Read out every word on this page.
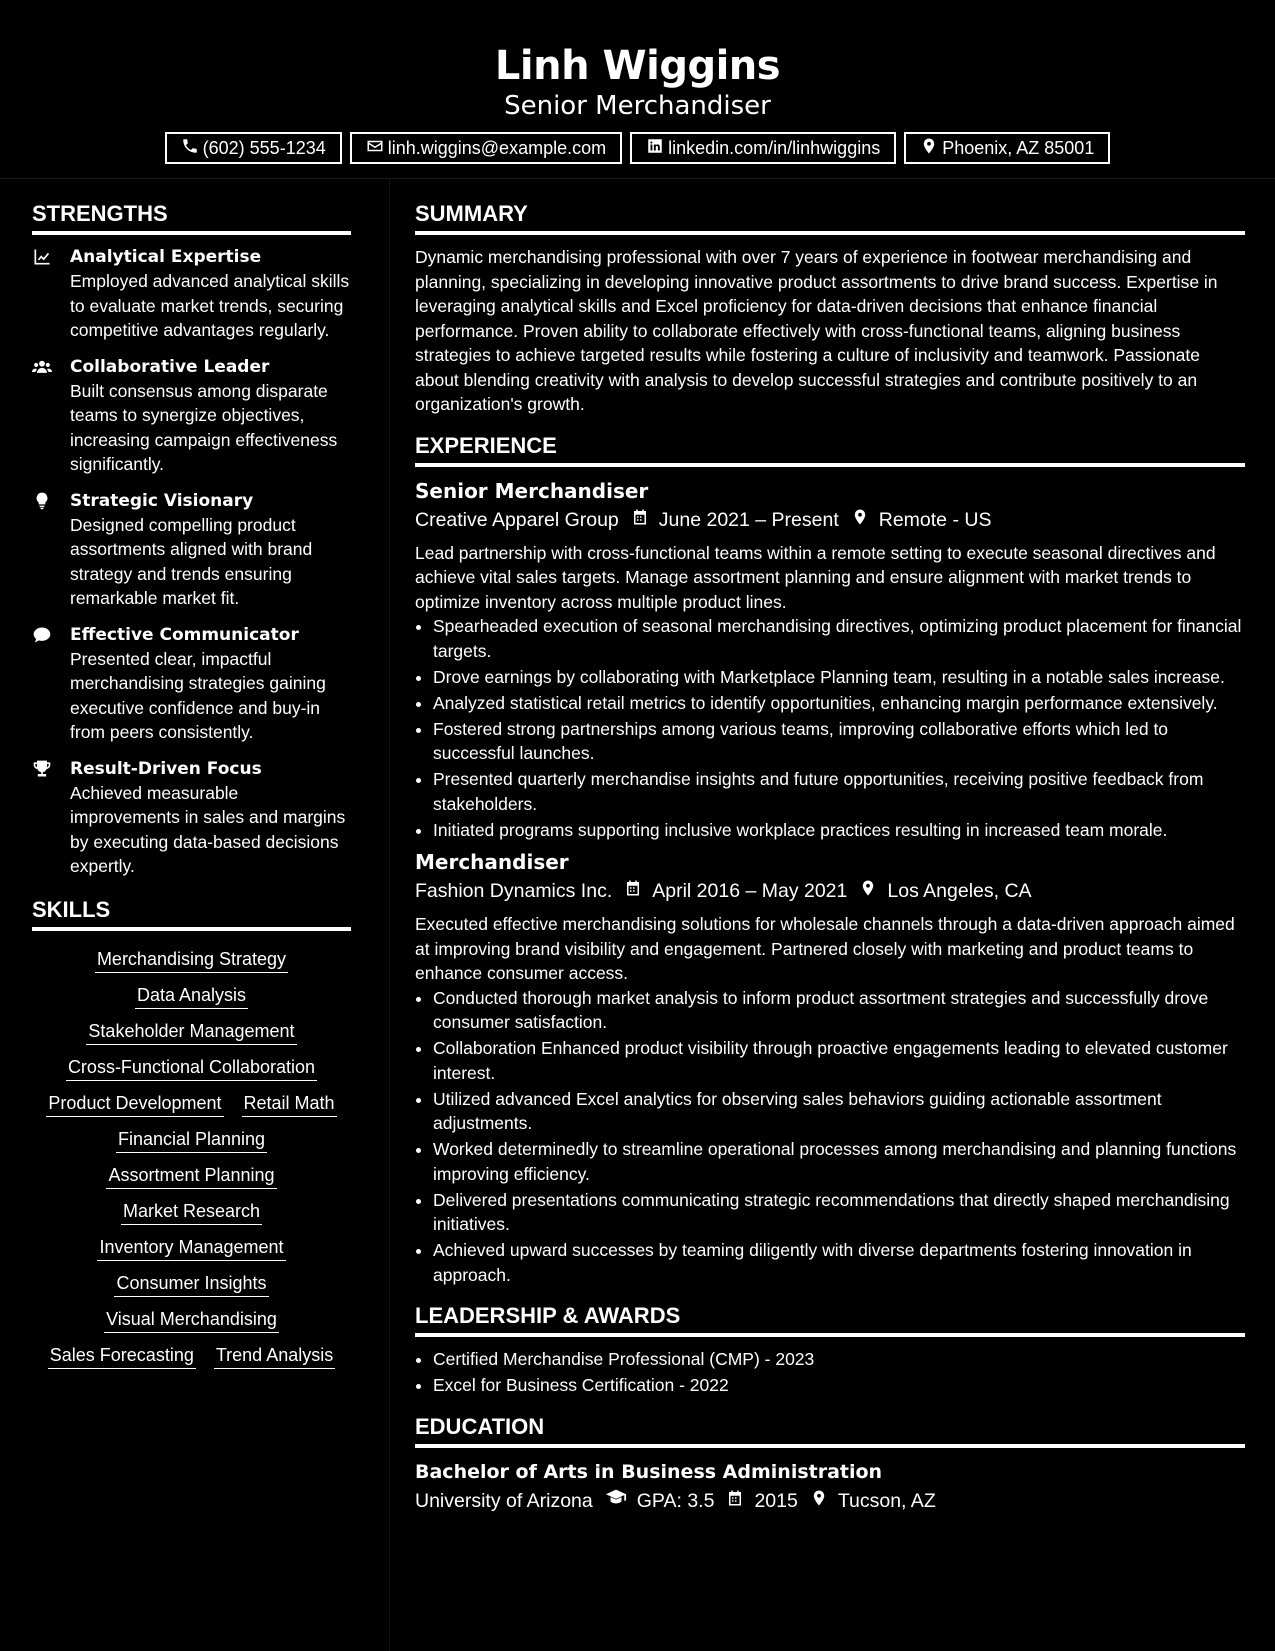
Linh Wiggins
Senior Merchandiser
(602) 555-1234	linh.wiggins@example.com	linkedin.com/in/linhwiggins	Phoenix, AZ 85001
STRENGTHS
Analytical Expertise
Employed advanced analytical skills to evaluate market trends, securing competitive advantages regularly.
Collaborative Leader
Built consensus among disparate teams to synergize objectives, increasing campaign effectiveness significantly.
Strategic Visionary
Designed compelling product assortments aligned with brand strategy and trends ensuring remarkable market fit.
Effective Communicator
Presented clear, impactful merchandising strategies gaining executive confidence and buy-in from peers consistently.
Result-Driven Focus
Achieved measurable improvements in sales and margins by executing data-based decisions expertly.
SKILLS
Merchandising Strategy
Data Analysis
Stakeholder Management
Cross-Functional Collaboration
Product Development Retail Math
Financial Planning
Assortment Planning
Market Research
Inventory Management
Consumer Insights
Visual Merchandising
Sales Forecasting Trend Analysis
SUMMARY
Dynamic merchandising professional with over 7 years of experience in footwear merchandising and planning, specializing in developing innovative product assortments to drive brand success. Expertise in leveraging analytical skills and Excel proficiency for data-driven decisions that enhance financial performance. Proven ability to collaborate effectively with cross-functional teams, aligning business strategies to achieve targeted results while fostering a culture of inclusivity and teamwork. Passionate about blending creativity with analysis to develop successful strategies and contribute positively to an organization's growth.
EXPERIENCE
Senior Merchandiser
Creative Apparel Group June 2021 – Present Remote - US
Lead partnership with cross-functional teams within a remote setting to execute seasonal directives and achieve vital sales targets. Manage assortment planning and ensure alignment with market trends to optimize inventory across multiple product lines.
• Spearheaded execution of seasonal merchandising directives, optimizing product placement for financial targets.
• Drove earnings by collaborating with Marketplace Planning team, resulting in a notable sales increase.
• Analyzed statistical retail metrics to identify opportunities, enhancing margin performance extensively.
• Fostered strong partnerships among various teams, improving collaborative efforts which led to successful launches.
• Presented quarterly merchandise insights and future opportunities, receiving positive feedback from stakeholders.
• Initiated programs supporting inclusive workplace practices resulting in increased team morale.
Merchandiser
Fashion Dynamics Inc. April 2016 – May 2021 Los Angeles, CA
Executed effective merchandising solutions for wholesale channels through a data-driven approach aimed at improving brand visibility and engagement. Partnered closely with marketing and product teams to enhance consumer access.
• Conducted thorough market analysis to inform product assortment strategies and successfully drove consumer satisfaction.
• Collaboration Enhanced product visibility through proactive engagements leading to elevated customer interest.
• Utilized advanced Excel analytics for observing sales behaviors guiding actionable assortment adjustments.
• Worked determinedly to streamline operational processes among merchandising and planning functions improving efficiency.
• Delivered presentations communicating strategic recommendations that directly shaped merchandising initiatives.
• Achieved upward successes by teaming diligently with diverse departments fostering innovation in approach.
LEADERSHIP & AWARDS
• Certified Merchandise Professional (CMP) - 2023
• Excel for Business Certification - 2022
EDUCATION
Bachelor of Arts in Business Administration
University of Arizona GPA: 3.5 2015 Tucson, AZ
